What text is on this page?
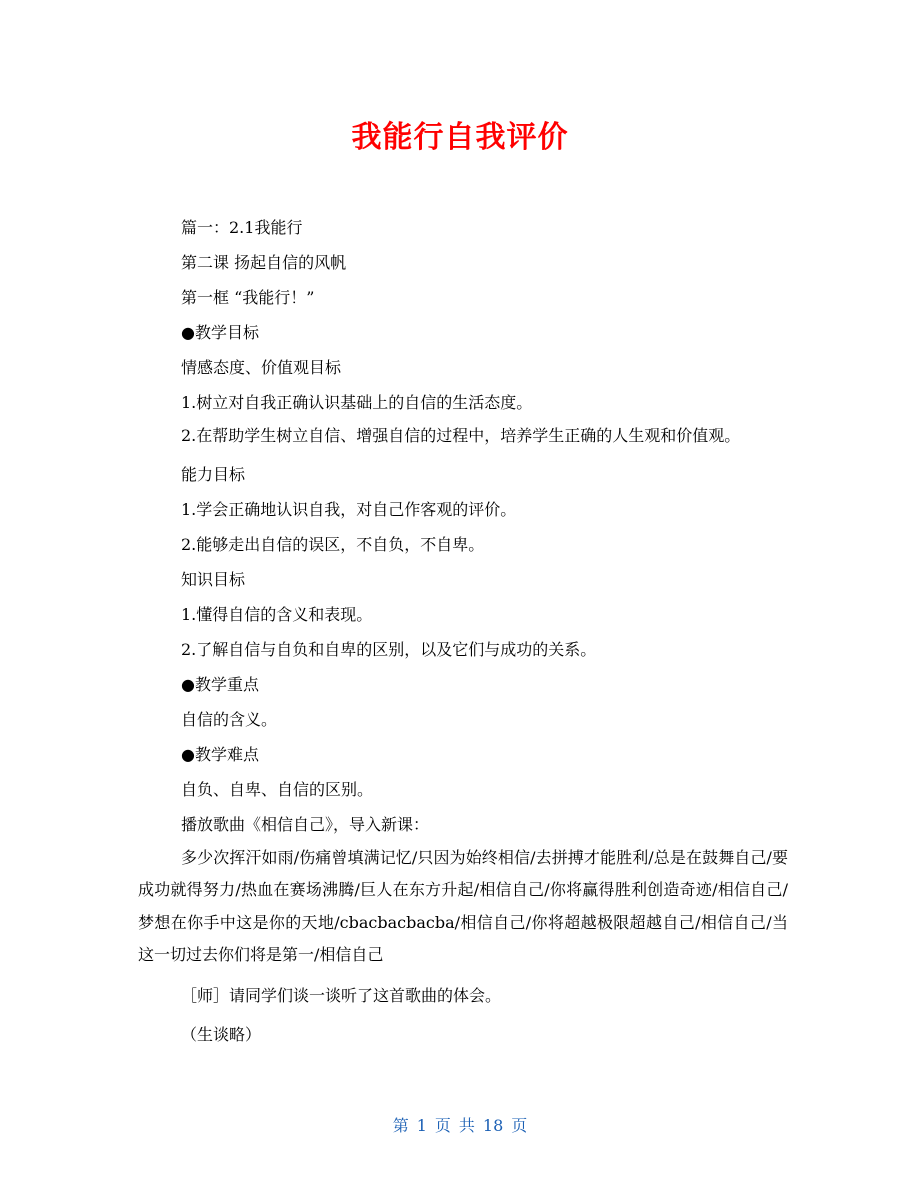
我能行自我评价
篇一：2.1我能行
第二课 扬起自信的风帆
第一框 “我能行！”
●教学目标
情感态度、价值观目标
1.树立对自我正确认识基础上的自信的生活态度。

2.在帮助学生树立自信、增强自信的过程中，培养学生正确的人生观和价值观。

能力目标
1.学会正确地认识自我，对自己作客观的评价。
2.能够走出自信的误区，不自负，不自卑。
知识目标
1.懂得自信的含义和表现。
2.了解自信与自负和自卑的区别，以及它们与成功的关系。
●教学重点
自信的含义。
●教学难点
自负、自卑、自信的区别。
播放歌曲《相信自己》，导入新课：

多少次挥汗如雨/伤痛曾填满记忆/只因为始终相信/去拼搏才能胜利/总是在鼓舞自己/要成功就得努力/热血在赛场沸腾/巨人在东方升起/相信自己/你将赢得胜利创造奇迹/相信自己/梦想在你手中这是你的天地/cbacbacbacba/相信自己/你将超越极限超越自己/相信自己/当这一切过去你们将是第一/相信自己

［师］请同学们谈一谈听了这首歌曲的体会。
（生谈略）
第 1 页 共 18 页
